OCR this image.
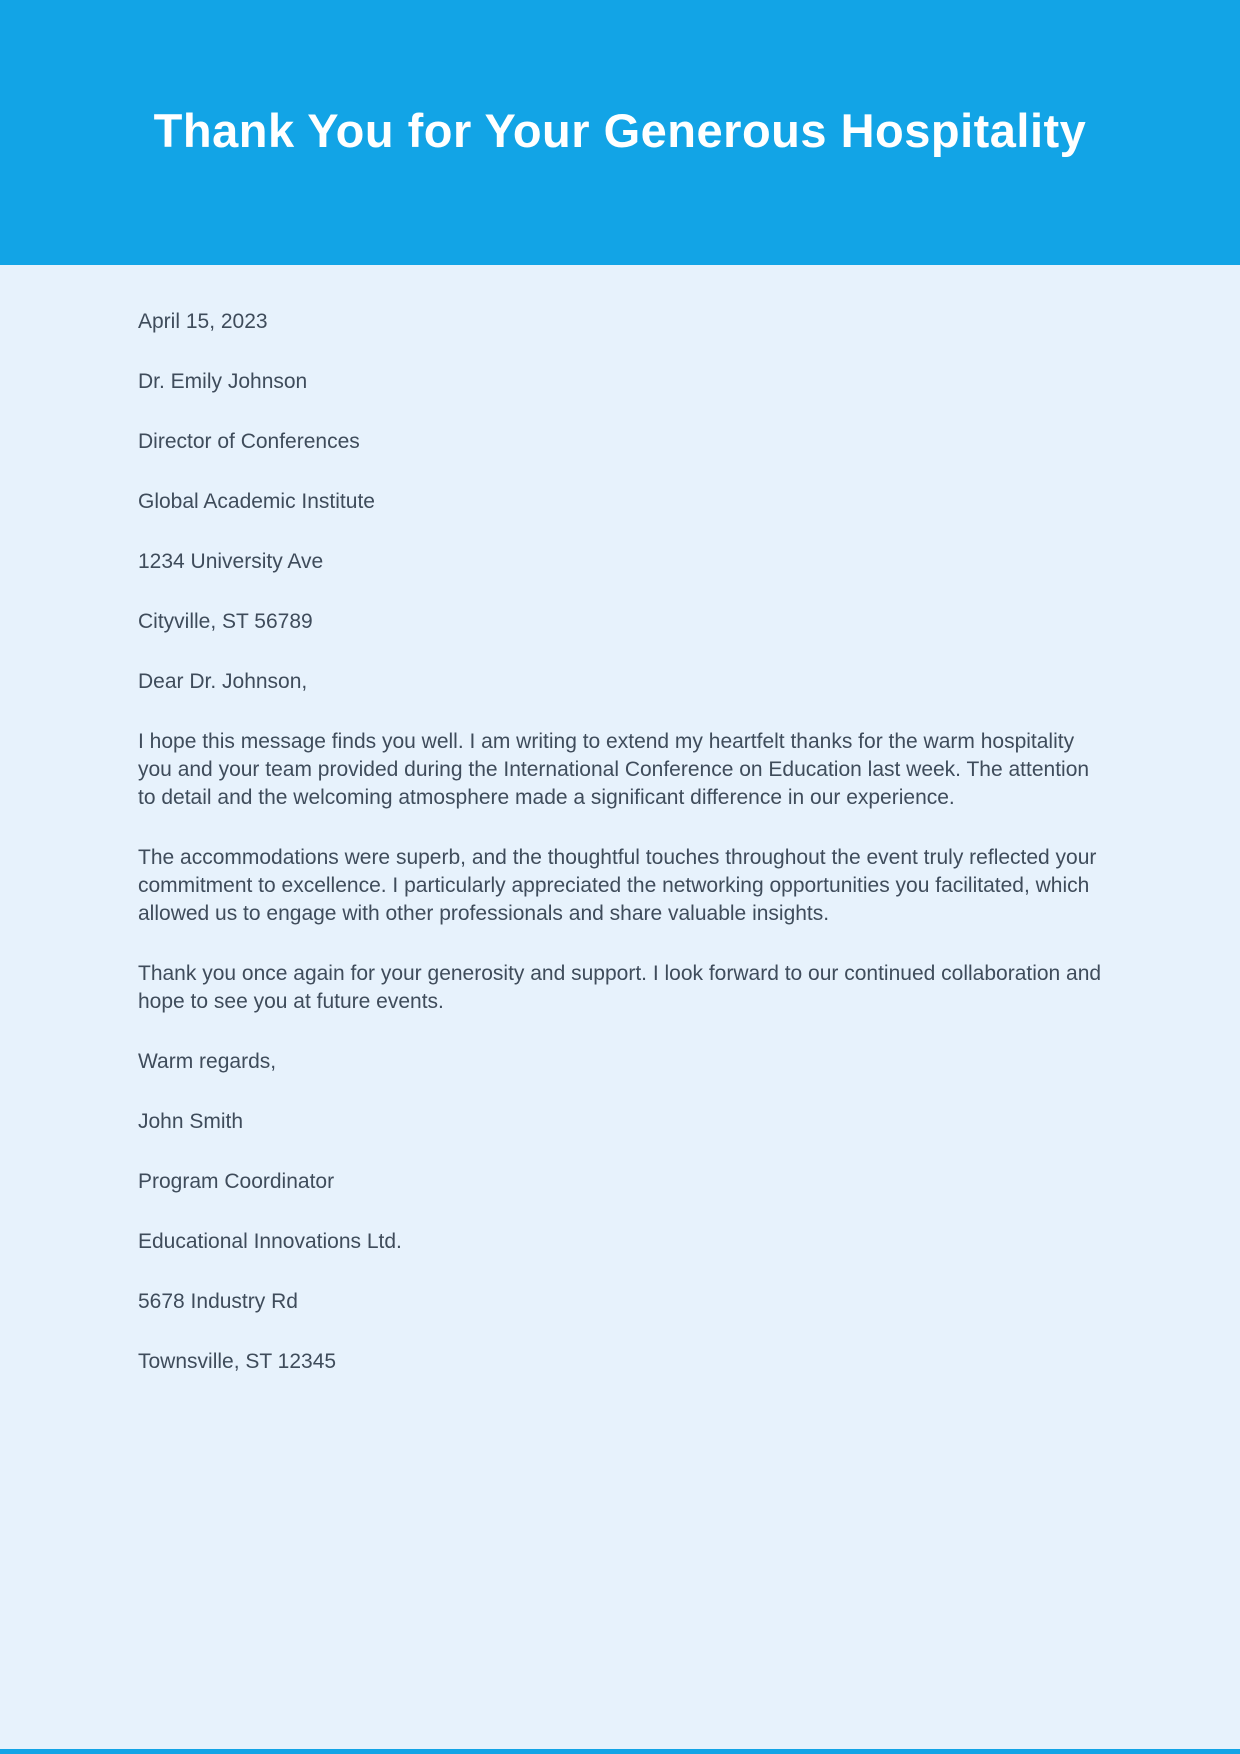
Thank You for Your Generous Hospitality

April 15, 2023

Dr. Emily Johnson

Director of Conferences

Global Academic Institute

1234 University Ave

Cityville, ST 56789

Dear Dr. Johnson,

I hope this message finds you well. I am writing to extend my heartfelt thanks for the warm hospitality you and your team provided during the International Conference on Education last week. The attention to detail and the welcoming atmosphere made a significant difference in our experience.

The accommodations were superb, and the thoughtful touches throughout the event truly reflected your commitment to excellence. I particularly appreciated the networking opportunities you facilitated, which allowed us to engage with other professionals and share valuable insights.

Thank you once again for your generosity and support. I look forward to our continued collaboration and hope to see you at future events.

Warm regards,

John Smith

Program Coordinator

Educational Innovations Ltd.

5678 Industry Rd

Townsville, ST 12345
